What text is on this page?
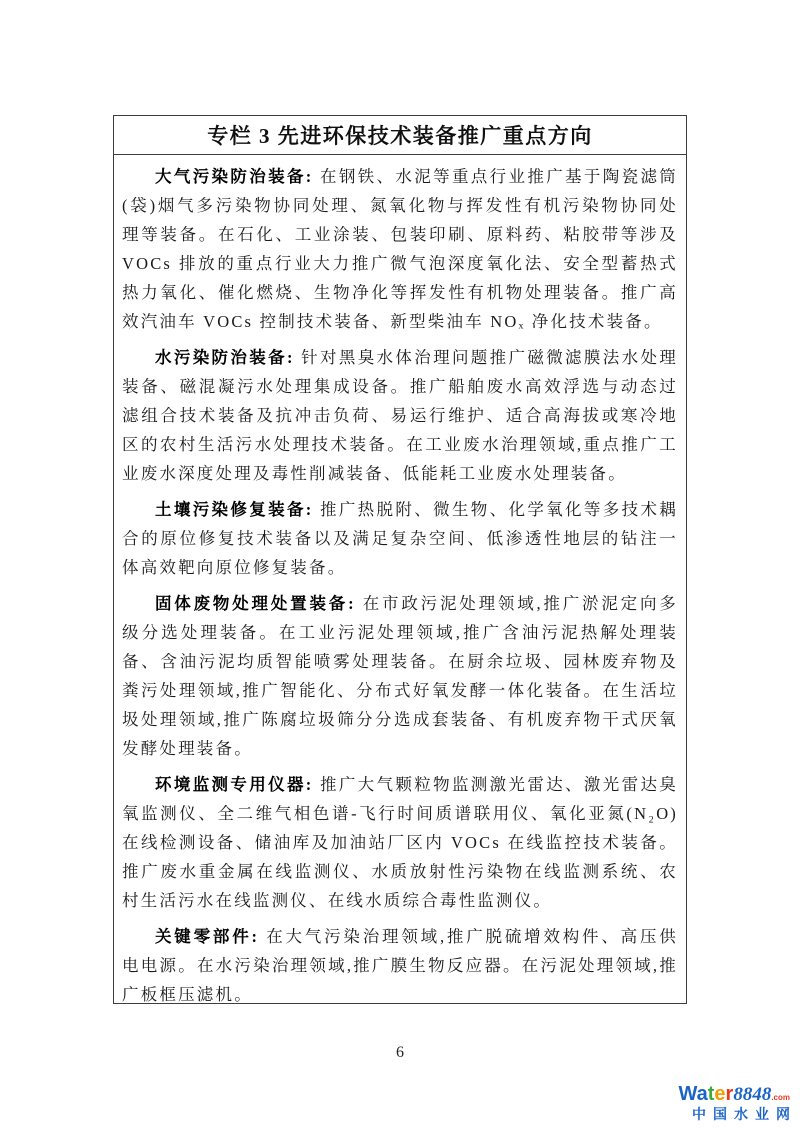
专栏 3 先进环保技术装备推广重点方向

大气污染防治装备: 在钢铁、水泥等重点行业推广基于陶瓷滤筒(袋)烟气多污染物协同处理、氮氧化物与挥发性有机污染物协同处理等装备。在石化、工业涂装、包装印刷、原料药、粘胶带等涉及 VOCs 排放的重点行业大力推广微气泡深度氧化法、安全型蓄热式热力氧化、催化燃烧、生物净化等挥发性有机物处理装备。推广高效汽油车 VOCs 控制技术装备、新型柴油车 NOₓ 净化技术装备。

水污染防治装备: 针对黑臭水体治理问题推广磁微滤膜法水处理装备、磁混凝污水处理集成设备。推广船舶废水高效浮选与动态过滤组合技术装备及抗冲击负荷、易运行维护、适合高海拔或寒冷地区的农村生活污水处理技术装备。在工业废水治理领域,重点推广工业废水深度处理及毒性削减装备、低能耗工业废水处理装备。

土壤污染修复装备: 推广热脱附、微生物、化学氧化等多技术耦合的原位修复技术装备以及满足复杂空间、低渗透性地层的钻注一体高效靶向原位修复装备。

固体废物处理处置装备: 在市政污泥处理领域,推广淤泥定向多级分选处理装备。在工业污泥处理领域,推广含油污泥热解处理装备、含油污泥均质智能喷雾处理装备。在厨余垃圾、园林废弃物及粪污处理领域,推广智能化、分布式好氧发酵一体化装备。在生活垃圾处理领域,推广陈腐垃圾筛分分选成套装备、有机废弃物干式厌氧发酵处理装备。

环境监测专用仪器: 推广大气颗粒物监测激光雷达、激光雷达臭氧监测仪、全二维气相色谱-飞行时间质谱联用仪、氧化亚氮(N₂O)在线检测设备、储油库及加油站厂区内 VOCs 在线监控技术装备。推广废水重金属在线监测仪、水质放射性污染物在线监测系统、农村生活污水在线监测仪、在线水质综合毒性监测仪。

关键零部件: 在大气污染治理领域,推广脱硫增效构件、高压供电电源。在水污染治理领域,推广膜生物反应器。在污泥处理领域,推广板框压滤机。

6
Water8848.com
中国水业网
